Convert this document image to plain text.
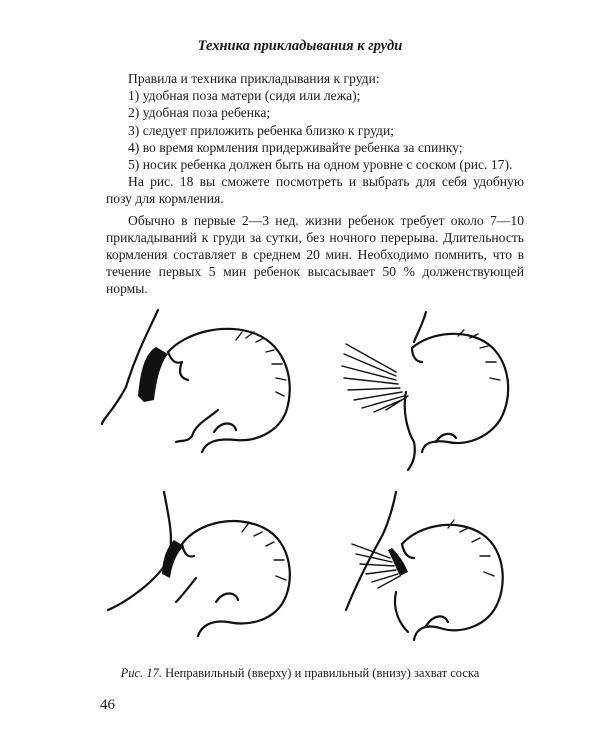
Техника прикладывания к груди

Правила и техника прикладывания к груди:

1) удобная поза матери (сидя или лежа);

2) удобная поза ребенка;

3) следует приложить ребенка близко к груди;

4) во время кормления придерживайте ребенка за спинку;

5) носик ребенка должен быть на одном уровне с соском (рис. 17).

На рис. 18 вы сможете посмотреть и выбрать для себя удобную позу для кормления.

Обычно в первые 2—3 нед. жизни ребенок требует около 7—10 прикладываний к груди за сутки, без ночного перерыва. Длительность кормления составляет в среднем 20 мин. Необходимо помнить, что в течение первых 5 мин ребенок высасывает 50 % долженствующей нормы.

Рис. 17. Неправильный (вверху) и правильный (внизу) захват соска
46
